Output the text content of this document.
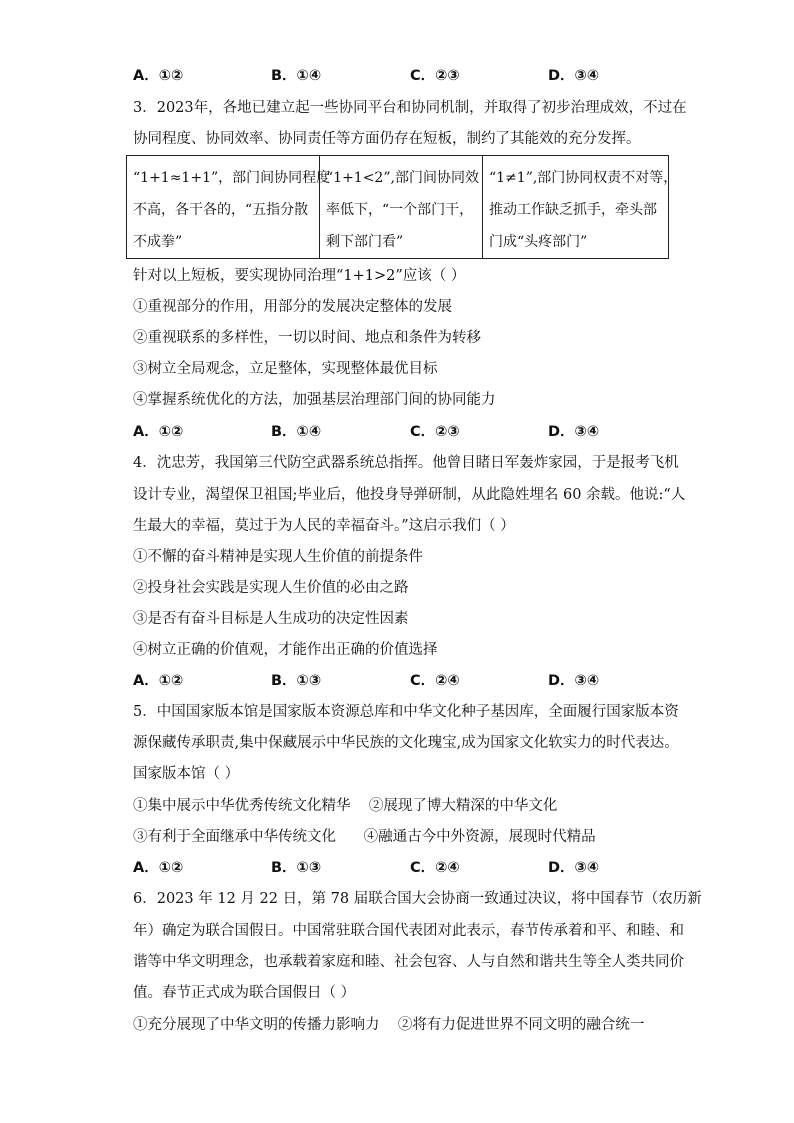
A．①②	B．①④	C．②③	D．③④
3．2023年，各地已建立起一些协同平台和协同机制，并取得了初步治理成效，不过在
协同程度、协同效率、协同责任等方面仍存在短板，制约了其能效的充分发挥。
“1+1≈1+1”，部门间协同程度
不高，各干各的，“五指分散
不成拳”

“1+1<2”,部门间协同效
率低下，“一个部门干，
剩下部门看”

“1≠1”,部门协同权责不对等，
推动工作缺乏抓手，牵头部
门成“头疼部门”
针对以上短板，要实现协同治理“1+1>2”应该（ ）
①重视部分的作用，用部分的发展决定整体的发展
②重视联系的多样性，一切以时间、地点和条件为转移
③树立全局观念，立足整体，实现整体最优目标
④掌握系统优化的方法，加强基层治理部门间的协同能力
A．①②	B．①④	C．②③	D．③④
4．沈忠芳，我国第三代防空武器系统总指挥。他曾目睹日军轰炸家园，于是报考飞机
设计专业，渴望保卫祖国;毕业后，他投身导弹研制，从此隐姓埋名 60 余载。他说:“人
生最大的幸福，莫过于为人民的幸福奋斗。”这启示我们（ ）
①不懈的奋斗精神是实现人生价值的前提条件
②投身社会实践是实现人生价值的必由之路
③是否有奋斗目标是人生成功的决定性因素
④树立正确的价值观，才能作出正确的价值选择
A．①②	B．①③	C．②④	D．③④
5．中国国家版本馆是国家版本资源总库和中华文化种子基因库，全面履行国家版本资
源保藏传承职责,集中保藏展示中华民族的文化瑰宝,成为国家文化软实力的时代表达。
国家版本馆（ ）
①集中展示中华优秀传统文化精华    ②展现了博大精深的中华文化
③有利于全面继承中华传统文化      ④融通古今中外资源，展现时代精品
A．①②	B．①③	C．②④	D．③④
6．2023 年 12 月 22 日，第 78 届联合国大会协商一致通过决议，将中国春节（农历新
年）确定为联合国假日。中国常驻联合国代表团对此表示，春节传承着和平、和睦、和
谐等中华文明理念，也承载着家庭和睦、社会包容、人与自然和谐共生等全人类共同价
值。春节正式成为联合国假日（ ）
①充分展现了中华文明的传播力影响力    ②将有力促进世界不同文明的融合统一
